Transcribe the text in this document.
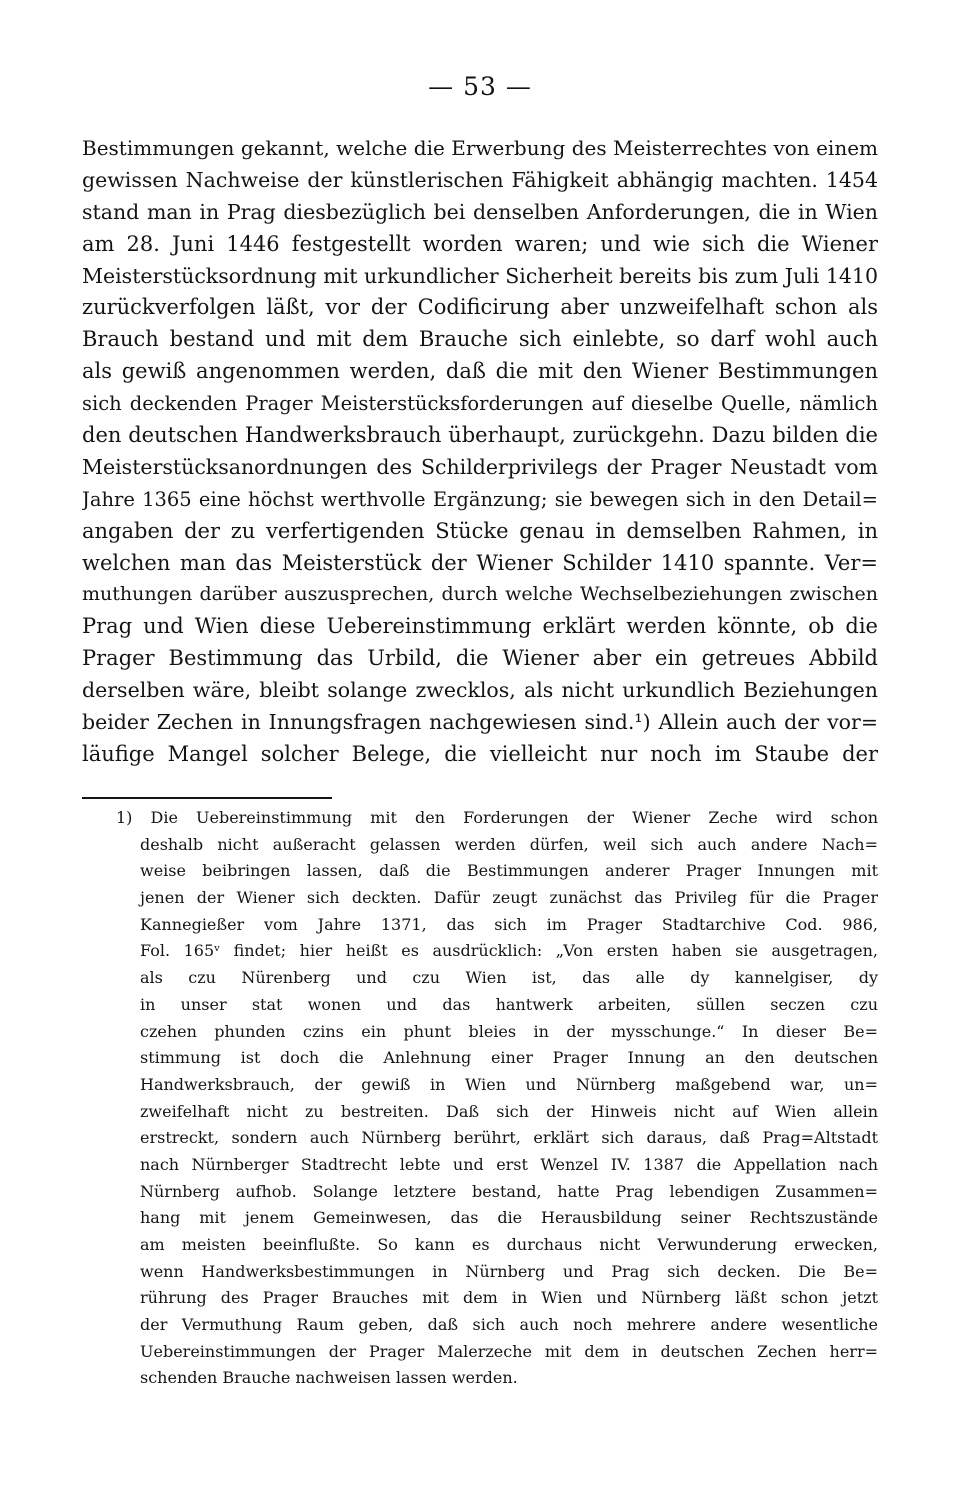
— 53 —
Bestimmungen gekannt, welche die Erwerbung des Meisterrechtes von einem
gewissen Nachweise der künstlerischen Fähigkeit abhängig machten. 1454
stand man in Prag diesbezüglich bei denselben Anforderungen, die in Wien
am 28. Juni 1446 festgestellt worden waren; und wie sich die Wiener
Meisterstücksordnung mit urkundlicher Sicherheit bereits bis zum Juli 1410
zurückverfolgen läßt, vor der Codificirung aber unzweifelhaft schon als
Brauch bestand und mit dem Brauche sich einlebte, so darf wohl auch
als gewiß angenommen werden, daß die mit den Wiener Bestimmungen
sich deckenden Prager Meisterstücksforderungen auf dieselbe Quelle, nämlich
den deutschen Handwerksbrauch überhaupt, zurückgehn. Dazu bilden die
Meisterstücksanordnungen des Schilderprivilegs der Prager Neustadt vom
Jahre 1365 eine höchst werthvolle Ergänzung; sie bewegen sich in den Detail=
angaben der zu verfertigenden Stücke genau in demselben Rahmen, in
welchen man das Meisterstück der Wiener Schilder 1410 spannte. Ver=
muthungen darüber auszusprechen, durch welche Wechselbeziehungen zwischen
Prag und Wien diese Uebereinstimmung erklärt werden könnte, ob die
Prager Bestimmung das Urbild, die Wiener aber ein getreues Abbild
derselben wäre, bleibt solange zwecklos, als nicht urkundlich Beziehungen
beider Zechen in Innungsfragen nachgewiesen sind.¹) Allein auch der vor=
läufige Mangel solcher Belege, die vielleicht nur noch im Staube der
1) Die Uebereinstimmung mit den Forderungen der Wiener Zeche wird schon
deshalb nicht außeracht gelassen werden dürfen, weil sich auch andere Nach=
weise beibringen lassen, daß die Bestimmungen anderer Prager Innungen mit
jenen der Wiener sich deckten. Dafür zeugt zunächst das Privileg für die Prager
Kannegießer vom Jahre 1371, das sich im Prager Stadtarchive Cod. 986,
Fol. 165ᵛ findet; hier heißt es ausdrücklich: „Von ersten haben sie ausgetragen,
als czu Nürenberg und czu Wien ist, das alle dy kannelgiser, dy
in unser stat wonen und das hantwerk arbeiten, süllen seczen czu
czehen phunden czins ein phunt bleies in der mysschunge.“ In dieser Be=
stimmung ist doch die Anlehnung einer Prager Innung an den deutschen
Handwerksbrauch, der gewiß in Wien und Nürnberg maßgebend war, un=
zweifelhaft nicht zu bestreiten. Daß sich der Hinweis nicht auf Wien allein
erstreckt, sondern auch Nürnberg berührt, erklärt sich daraus, daß Prag=Altstadt
nach Nürnberger Stadtrecht lebte und erst Wenzel IV. 1387 die Appellation nach
Nürnberg aufhob. Solange letztere bestand, hatte Prag lebendigen Zusammen=
hang mit jenem Gemeinwesen, das die Herausbildung seiner Rechtszustände
am meisten beeinflußte. So kann es durchaus nicht Verwunderung erwecken,
wenn Handwerksbestimmungen in Nürnberg und Prag sich decken. Die Be=
rührung des Prager Brauches mit dem in Wien und Nürnberg läßt schon jetzt
der Vermuthung Raum geben, daß sich auch noch mehrere andere wesentliche
Uebereinstimmungen der Prager Malerzeche mit dem in deutschen Zechen herr=
schenden Brauche nachweisen lassen werden.
